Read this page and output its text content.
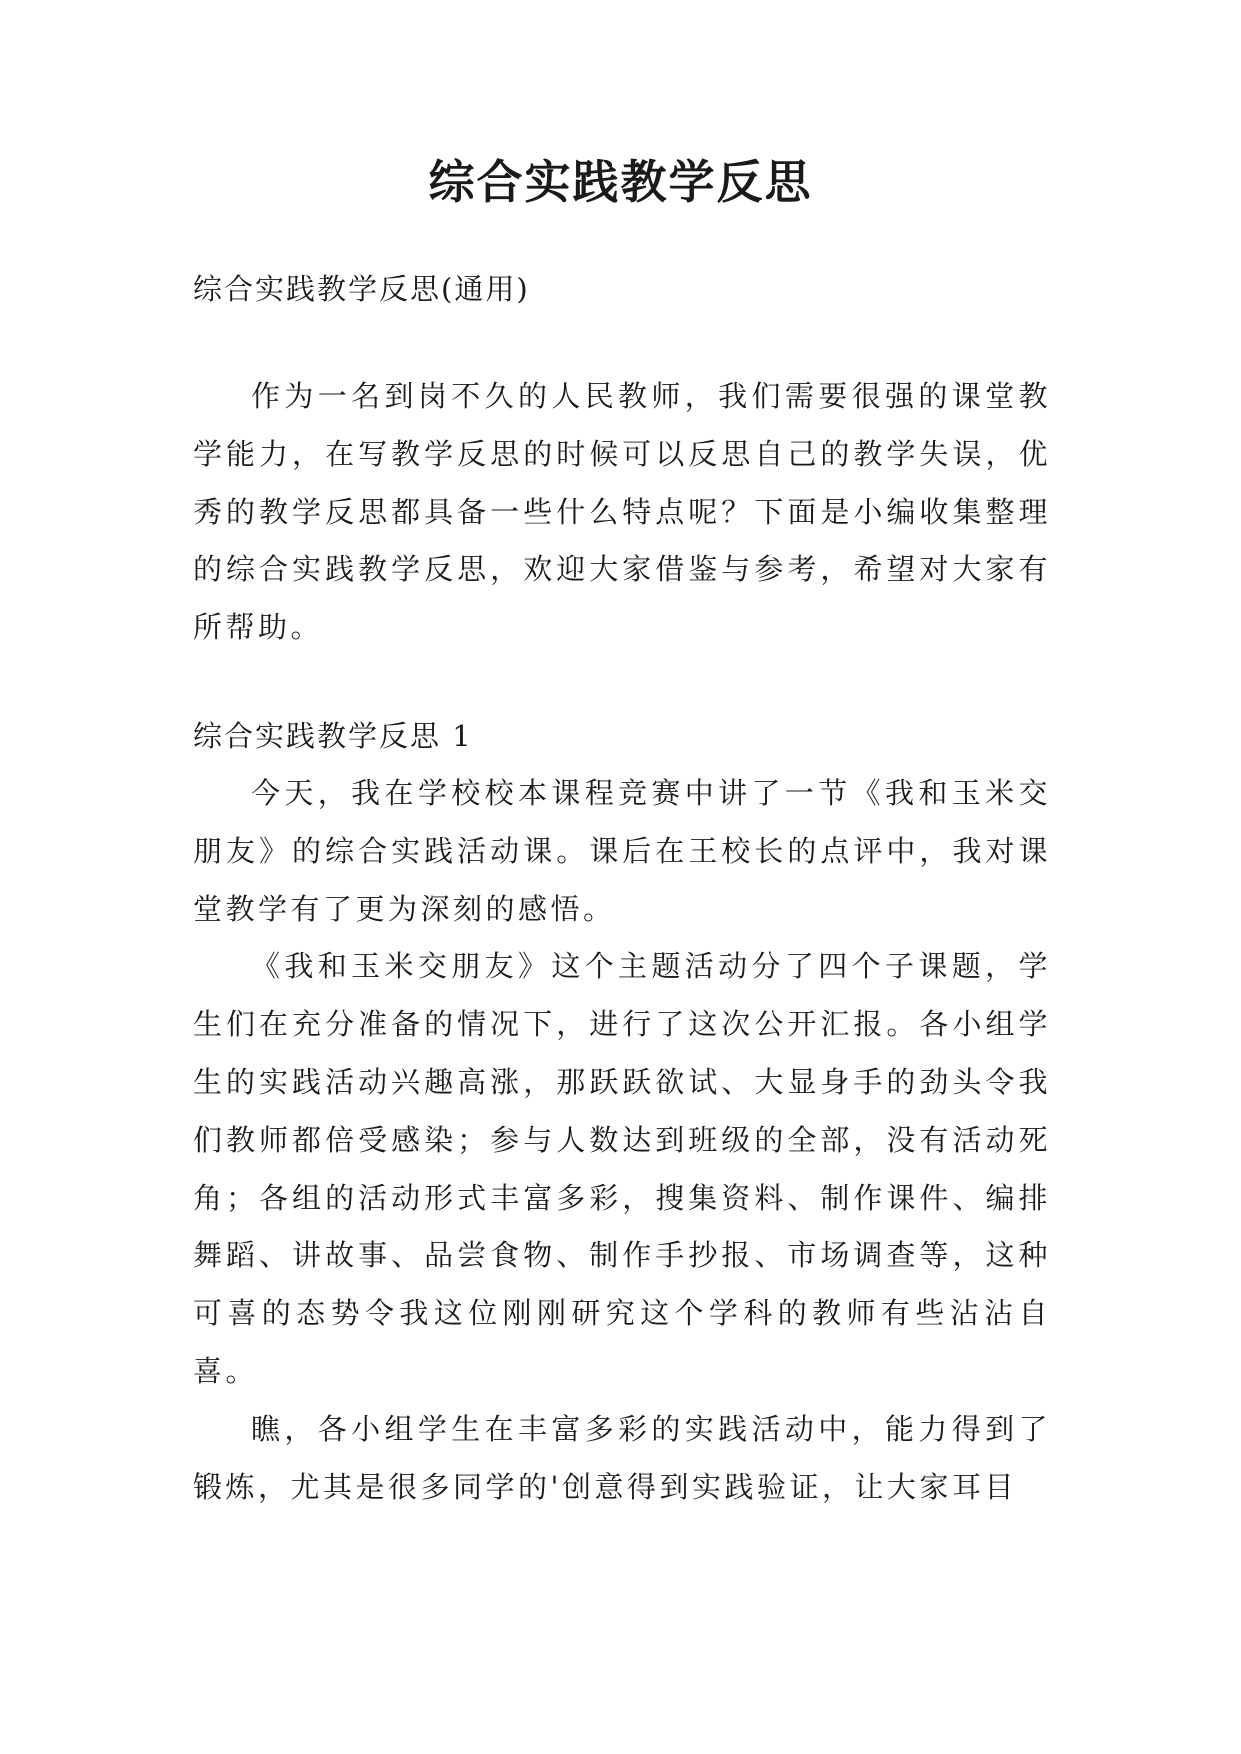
综合实践教学反思

综合实践教学反思(通用)

作为一名到岗不久的人民教师，我们需要很强的课堂教学能力，在写教学反思的时候可以反思自己的教学失误，优秀的教学反思都具备一些什么特点呢？下面是小编收集整理的综合实践教学反思，欢迎大家借鉴与参考，希望对大家有所帮助。

综合实践教学反思 1

今天，我在学校校本课程竞赛中讲了一节《我和玉米交朋友》的综合实践活动课。课后在王校长的点评中，我对课堂教学有了更为深刻的感悟。

《我和玉米交朋友》这个主题活动分了四个子课题，学生们在充分准备的情况下，进行了这次公开汇报。各小组学生的实践活动兴趣高涨，那跃跃欲试、大显身手的劲头令我们教师都倍受感染；参与人数达到班级的全部，没有活动死角；各组的活动形式丰富多彩，搜集资料、制作课件、编排舞蹈、讲故事、品尝食物、制作手抄报、市场调查等，这种可喜的态势令我这位刚刚研究这个学科的教师有些沾沾自喜。

瞧，各小组学生在丰富多彩的实践活动中，能力得到了锻炼，尤其是很多同学的'创意得到实践验证，让大家耳目
